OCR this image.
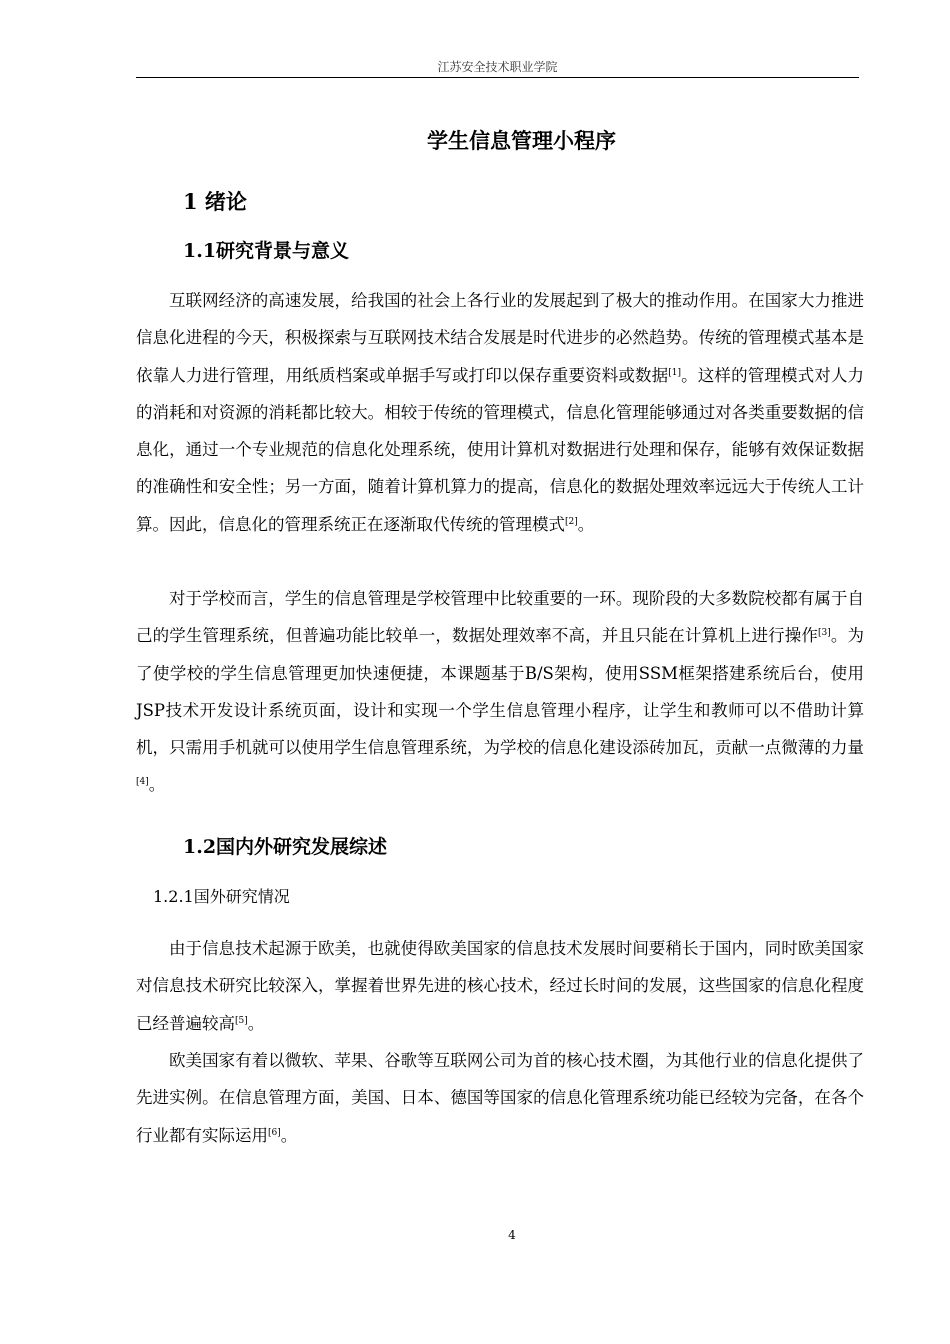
江苏安全技术职业学院
学生信息管理小程序
1 绪论
1.1研究背景与意义
互联网经济的高速发展，给我国的社会上各行业的发展起到了极大的推动作用。在国家大力推进信息化进程的今天，积极探索与互联网技术结合发展是时代进步的必然趋势。传统的管理模式基本是依靠人力进行管理，用纸质档案或单据手写或打印以保存重要资料或数据[1]。这样的管理模式对人力的消耗和对资源的消耗都比较大。相较于传统的管理模式，信息化管理能够通过对各类重要数据的信息化，通过一个专业规范的信息化处理系统，使用计算机对数据进行处理和保存，能够有效保证数据的准确性和安全性；另一方面，随着计算机算力的提高，信息化的数据处理效率远远大于传统人工计算。因此，信息化的管理系统正在逐渐取代传统的管理模式[2]。
对于学校而言，学生的信息管理是学校管理中比较重要的一环。现阶段的大多数院校都有属于自己的学生管理系统，但普遍功能比较单一，数据处理效率不高，并且只能在计算机上进行操作[3]。为了使学校的学生信息管理更加快速便捷，本课题基于B/S架构，使用SSM框架搭建系统后台，使用JSP技术开发设计系统页面，设计和实现一个学生信息管理小程序，让学生和教师可以不借助计算机，只需用手机就可以使用学生信息管理系统，为学校的信息化建设添砖加瓦，贡献一点微薄的力量[4]。
1.2国内外研究发展综述
1.2.1国外研究情况
由于信息技术起源于欧美，也就使得欧美国家的信息技术发展时间要稍长于国内，同时欧美国家对信息技术研究比较深入，掌握着世界先进的核心技术，经过长时间的发展，这些国家的信息化程度已经普遍较高[5]。
欧美国家有着以微软、苹果、谷歌等互联网公司为首的核心技术圈，为其他行业的信息化提供了先进实例。在信息管理方面，美国、日本、德国等国家的信息化管理系统功能已经较为完备，在各个行业都有实际运用[6]。
4
